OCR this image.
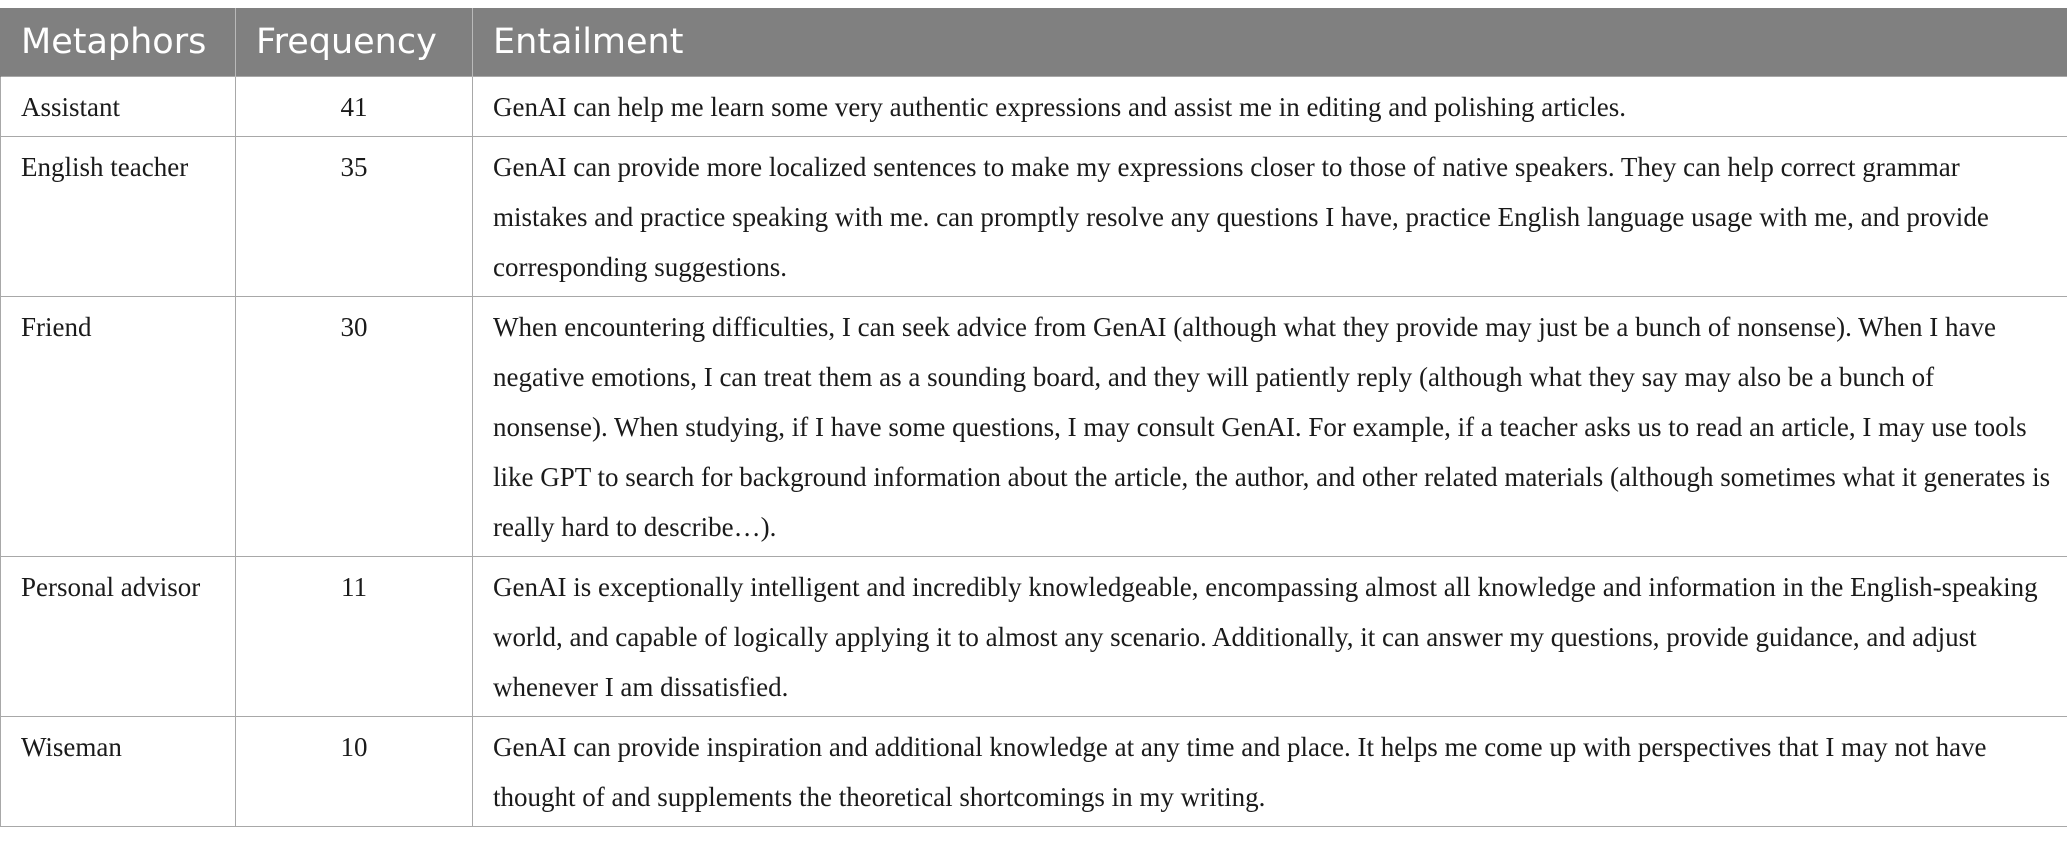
Metaphors	Frequency	Entailment
Assistant	41	GenAI can help me learn some very authentic expressions and assist me in editing and polishing articles.
English teacher	35	GenAI can provide more localized sentences to make my expressions closer to those of native speakers. They can help correct grammar mistakes and practice speaking with me. can promptly resolve any questions I have, practice English language usage with me, and provide corresponding suggestions.
Friend	30	When encountering difficulties, I can seek advice from GenAI (although what they provide may just be a bunch of nonsense). When I have negative emotions, I can treat them as a sounding board, and they will patiently reply (although what they say may also be a bunch of nonsense). When studying, if I have some questions, I may consult GenAI. For example, if a teacher asks us to read an article, I may use tools like GPT to search for background information about the article, the author, and other related materials (although sometimes what it generates is really hard to describe…).
Personal advisor	11	GenAI is exceptionally intelligent and incredibly knowledgeable, encompassing almost all knowledge and information in the English-speaking world, and capable of logically applying it to almost any scenario. Additionally, it can answer my questions, provide guidance, and adjust whenever I am dissatisfied.
Wiseman	10	GenAI can provide inspiration and additional knowledge at any time and place. It helps me come up with perspectives that I may not have thought of and supplements the theoretical shortcomings in my writing.
